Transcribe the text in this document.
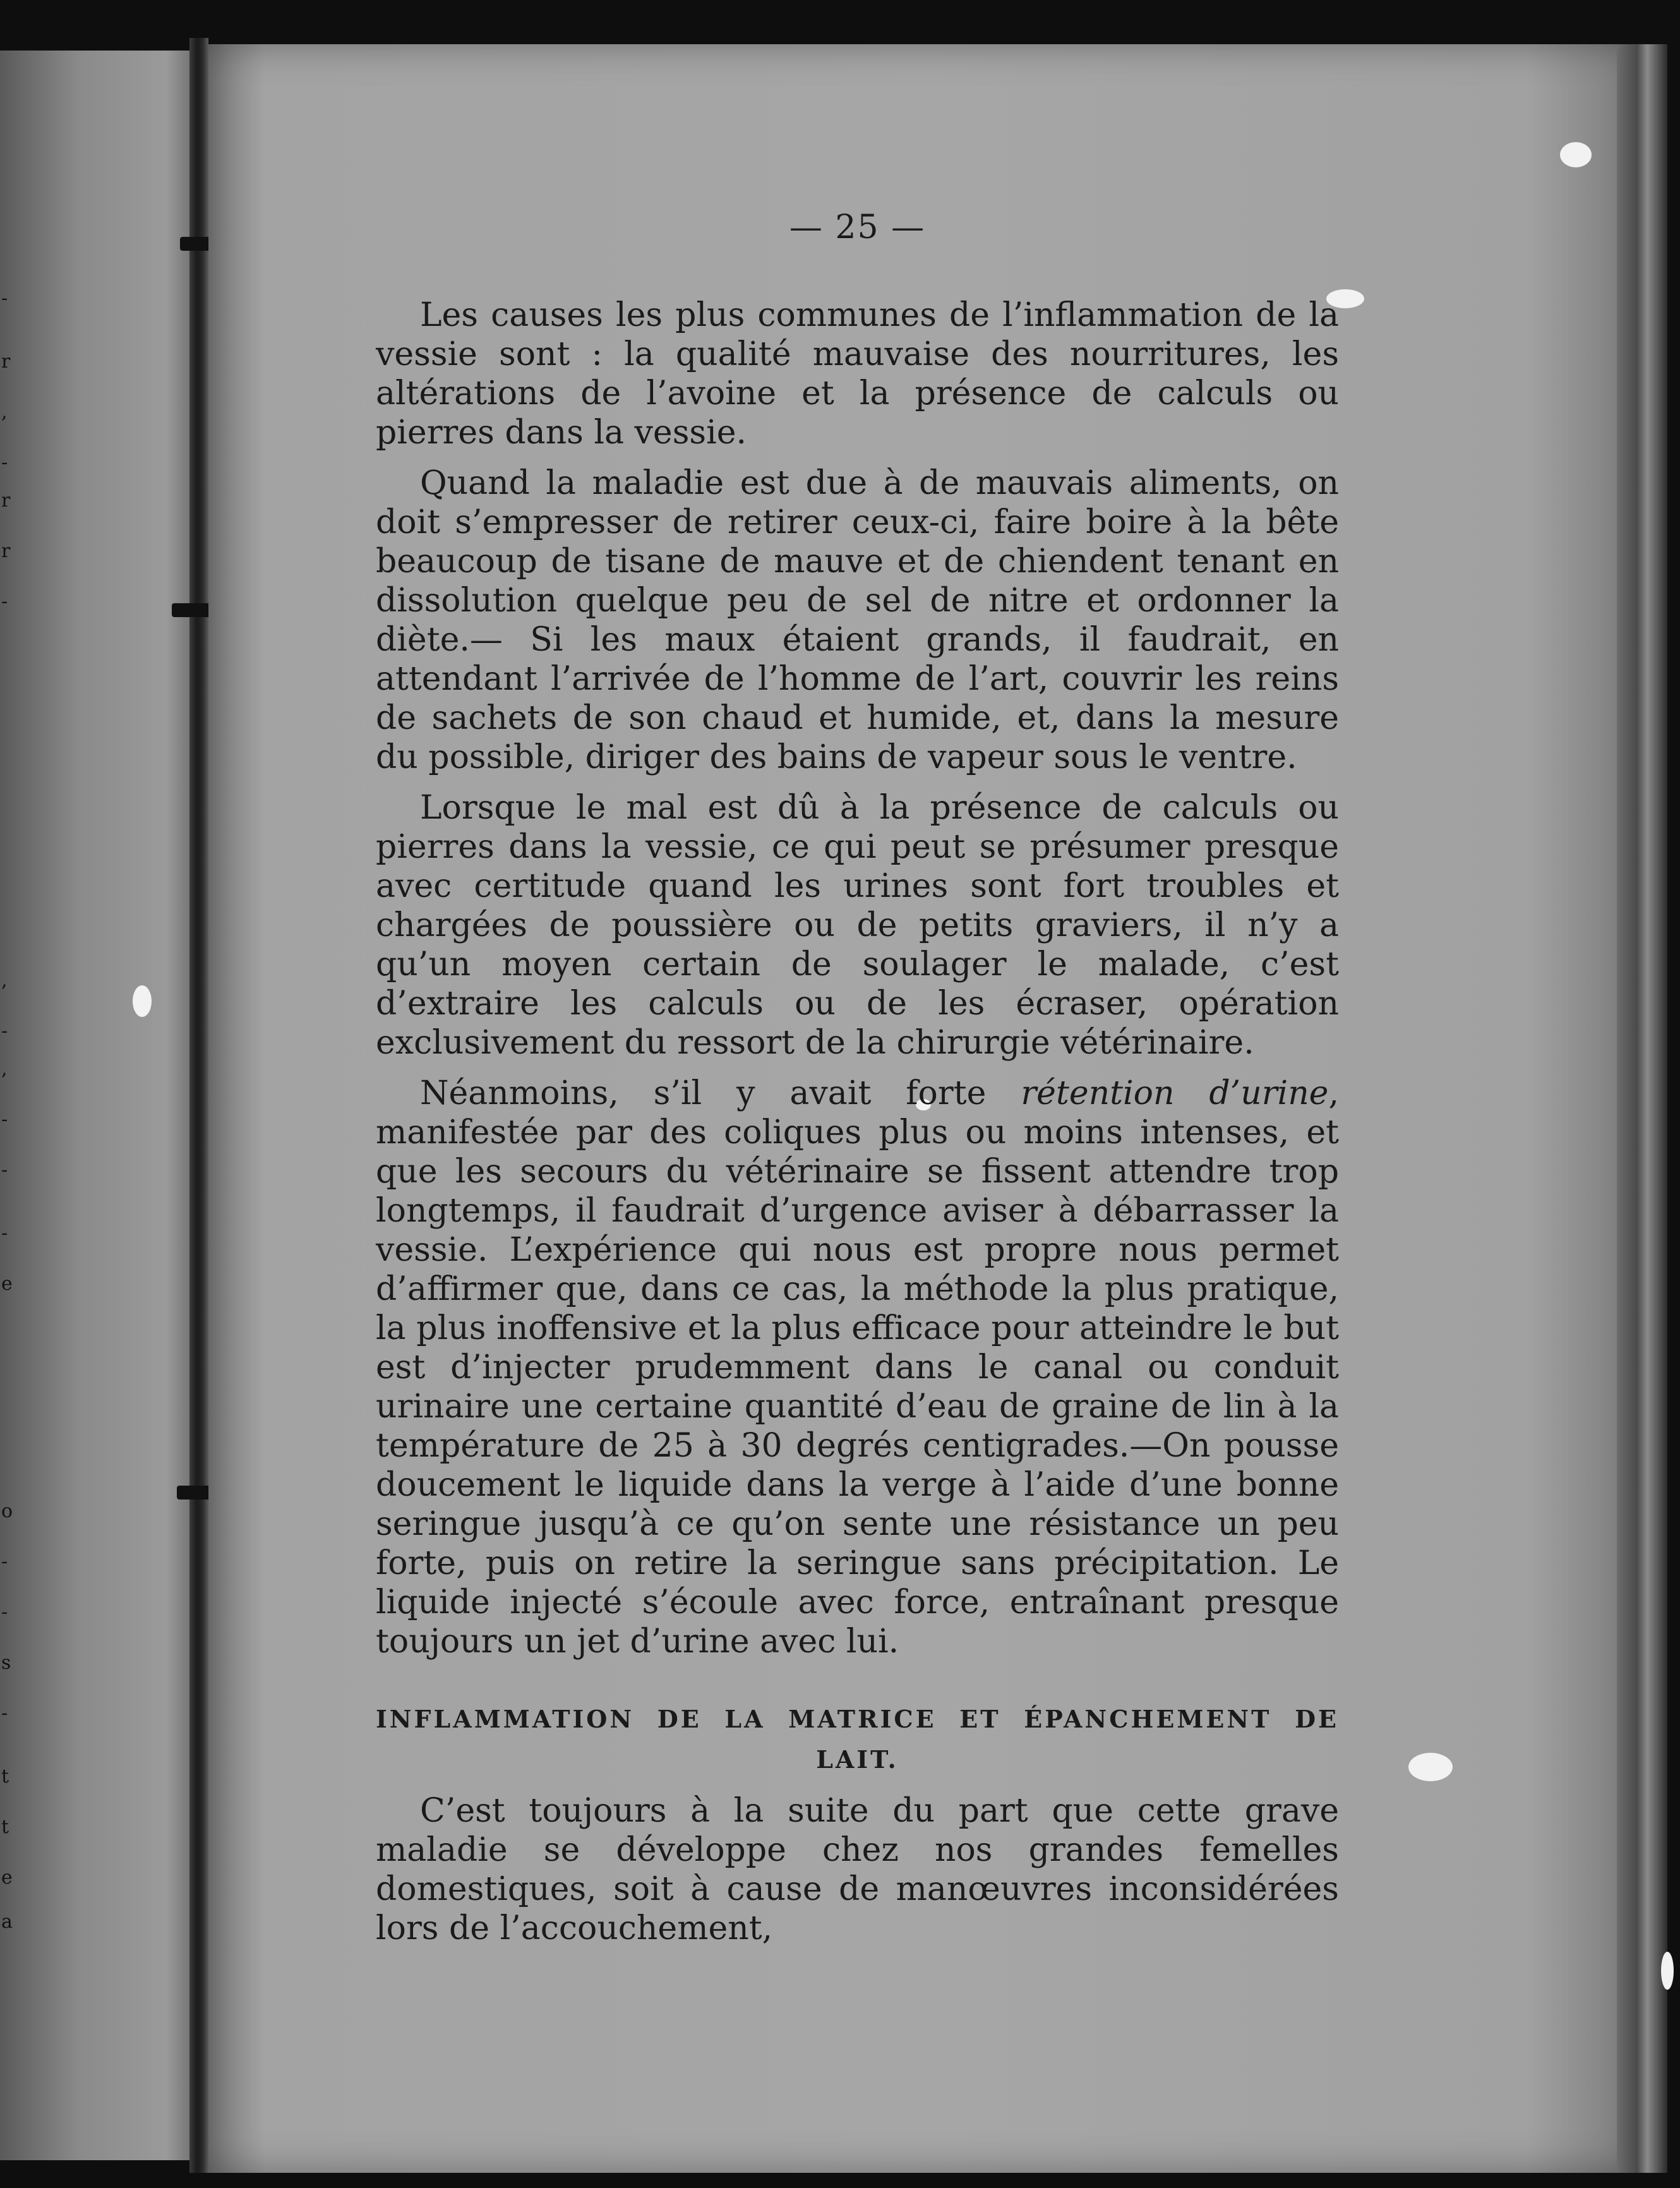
-
r
,
-
r
r
-
,
-
,
-
-
-
e
o
-
-
s
-
t
t
e
a
— 25 —

Les causes les plus communes de l’inflammation de la vessie sont : la qualité mauvaise des nourritures, les altérations de l’avoine et la présence de calculs ou pierres dans la vessie.

Quand la maladie est due à de mauvais aliments, on doit s’empresser de retirer ceux-ci, faire boire à la bête beaucoup de tisane de mauve et de chiendent tenant en dissolution quelque peu de sel de nitre et ordonner la diète.— Si les maux étaient grands, il faudrait, en attendant l’arrivée de l’homme de l’art, couvrir les reins de sachets de son chaud et humide, et, dans la mesure du possible, diriger des bains de vapeur sous le ventre.

Lorsque le mal est dû à la présence de calculs ou pierres dans la vessie, ce qui peut se présumer presque avec certitude quand les urines sont fort troubles et chargées de poussière ou de petits graviers, il n’y a qu’un moyen certain de soulager le malade, c’est d’extraire les calculs ou de les écraser, opération exclusivement du ressort de la chirurgie vétérinaire.

Néanmoins, s’il y avait forte rétention d’urine, manifestée par des coliques plus ou moins intenses, et que les secours du vétérinaire se fissent attendre trop longtemps, il faudrait d’urgence aviser à débarrasser la vessie. L’expérience qui nous est propre nous permet d’affirmer que, dans ce cas, la méthode la plus pratique, la plus inoffensive et la plus efficace pour atteindre le but est d’injecter prudemment dans le canal ou conduit urinaire une certaine quantité d’eau de graine de lin à la température de 25 à 30 degrés centigrades.—On pousse doucement le liquide dans la verge à l’aide d’une bonne seringue jusqu’à ce qu’on sente une résistance un peu forte, puis on retire la seringue sans précipitation. Le liquide injecté s’écoule avec force, entraînant presque toujours un jet d’urine avec lui.

INFLAMMATION DE LA MATRICE ET ÉPANCHEMENT DE LAIT.

C’est toujours à la suite du part que cette grave maladie se développe chez nos grandes femelles domestiques, soit à cause de manœuvres inconsidérées lors de l’accouchement,
